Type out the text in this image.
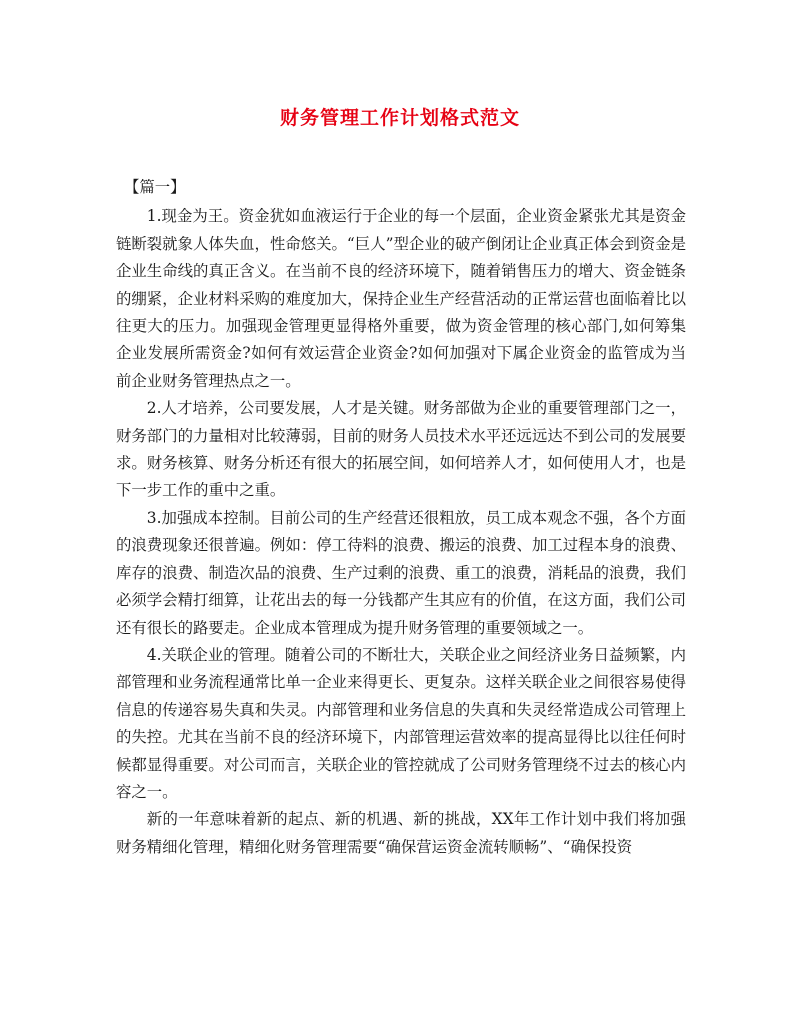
财务管理工作计划格式范文
【篇一】

1.现金为王。资金犹如血液运行于企业的每一个层面，企业资金紧张尤其是资金链断裂就象人体失血，性命悠关。“巨人”型企业的破产倒闭让企业真正体会到资金是企业生命线的真正含义。在当前不良的经济环境下，随着销售压力的增大、资金链条的绷紧，企业材料采购的难度加大，保持企业生产经营活动的正常运营也面临着比以往更大的压力。加强现金管理更显得格外重要，做为资金管理的核心部门,如何筹集企业发展所需资金?如何有效运营企业资金?如何加强对下属企业资金的监管成为当前企业财务管理热点之一。

2.人才培养，公司要发展，人才是关键。财务部做为企业的重要管理部门之一，财务部门的力量相对比较薄弱，目前的财务人员技术水平还远远达不到公司的发展要求。财务核算、财务分析还有很大的拓展空间，如何培养人才，如何使用人才，也是下一步工作的重中之重。

3.加强成本控制。目前公司的生产经营还很粗放，员工成本观念不强，各个方面的浪费现象还很普遍。例如：停工待料的浪费、搬运的浪费、加工过程本身的浪费、库存的浪费、制造次品的浪费、生产过剩的浪费、重工的浪费，消耗品的浪费，我们必须学会精打细算，让花出去的每一分钱都产生其应有的价值，在这方面，我们公司还有很长的路要走。企业成本管理成为提升财务管理的重要领域之一。

4.关联企业的管理。随着公司的不断壮大，关联企业之间经济业务日益频繁，内部管理和业务流程通常比单一企业来得更长、更复杂。这样关联企业之间很容易使得信息的传递容易失真和失灵。内部管理和业务信息的失真和失灵经常造成公司管理上的失控。尤其在当前不良的经济环境下，内部管理运营效率的提高显得比以往任何时候都显得重要。对公司而言，关联企业的管控就成了公司财务管理绕不过去的核心内容之一。

新的一年意味着新的起点、新的机遇、新的挑战，XX年工作计划中我们将加强财务精细化管理，精细化财务管理需要“确保营运资金流转顺畅”、“确保投资
